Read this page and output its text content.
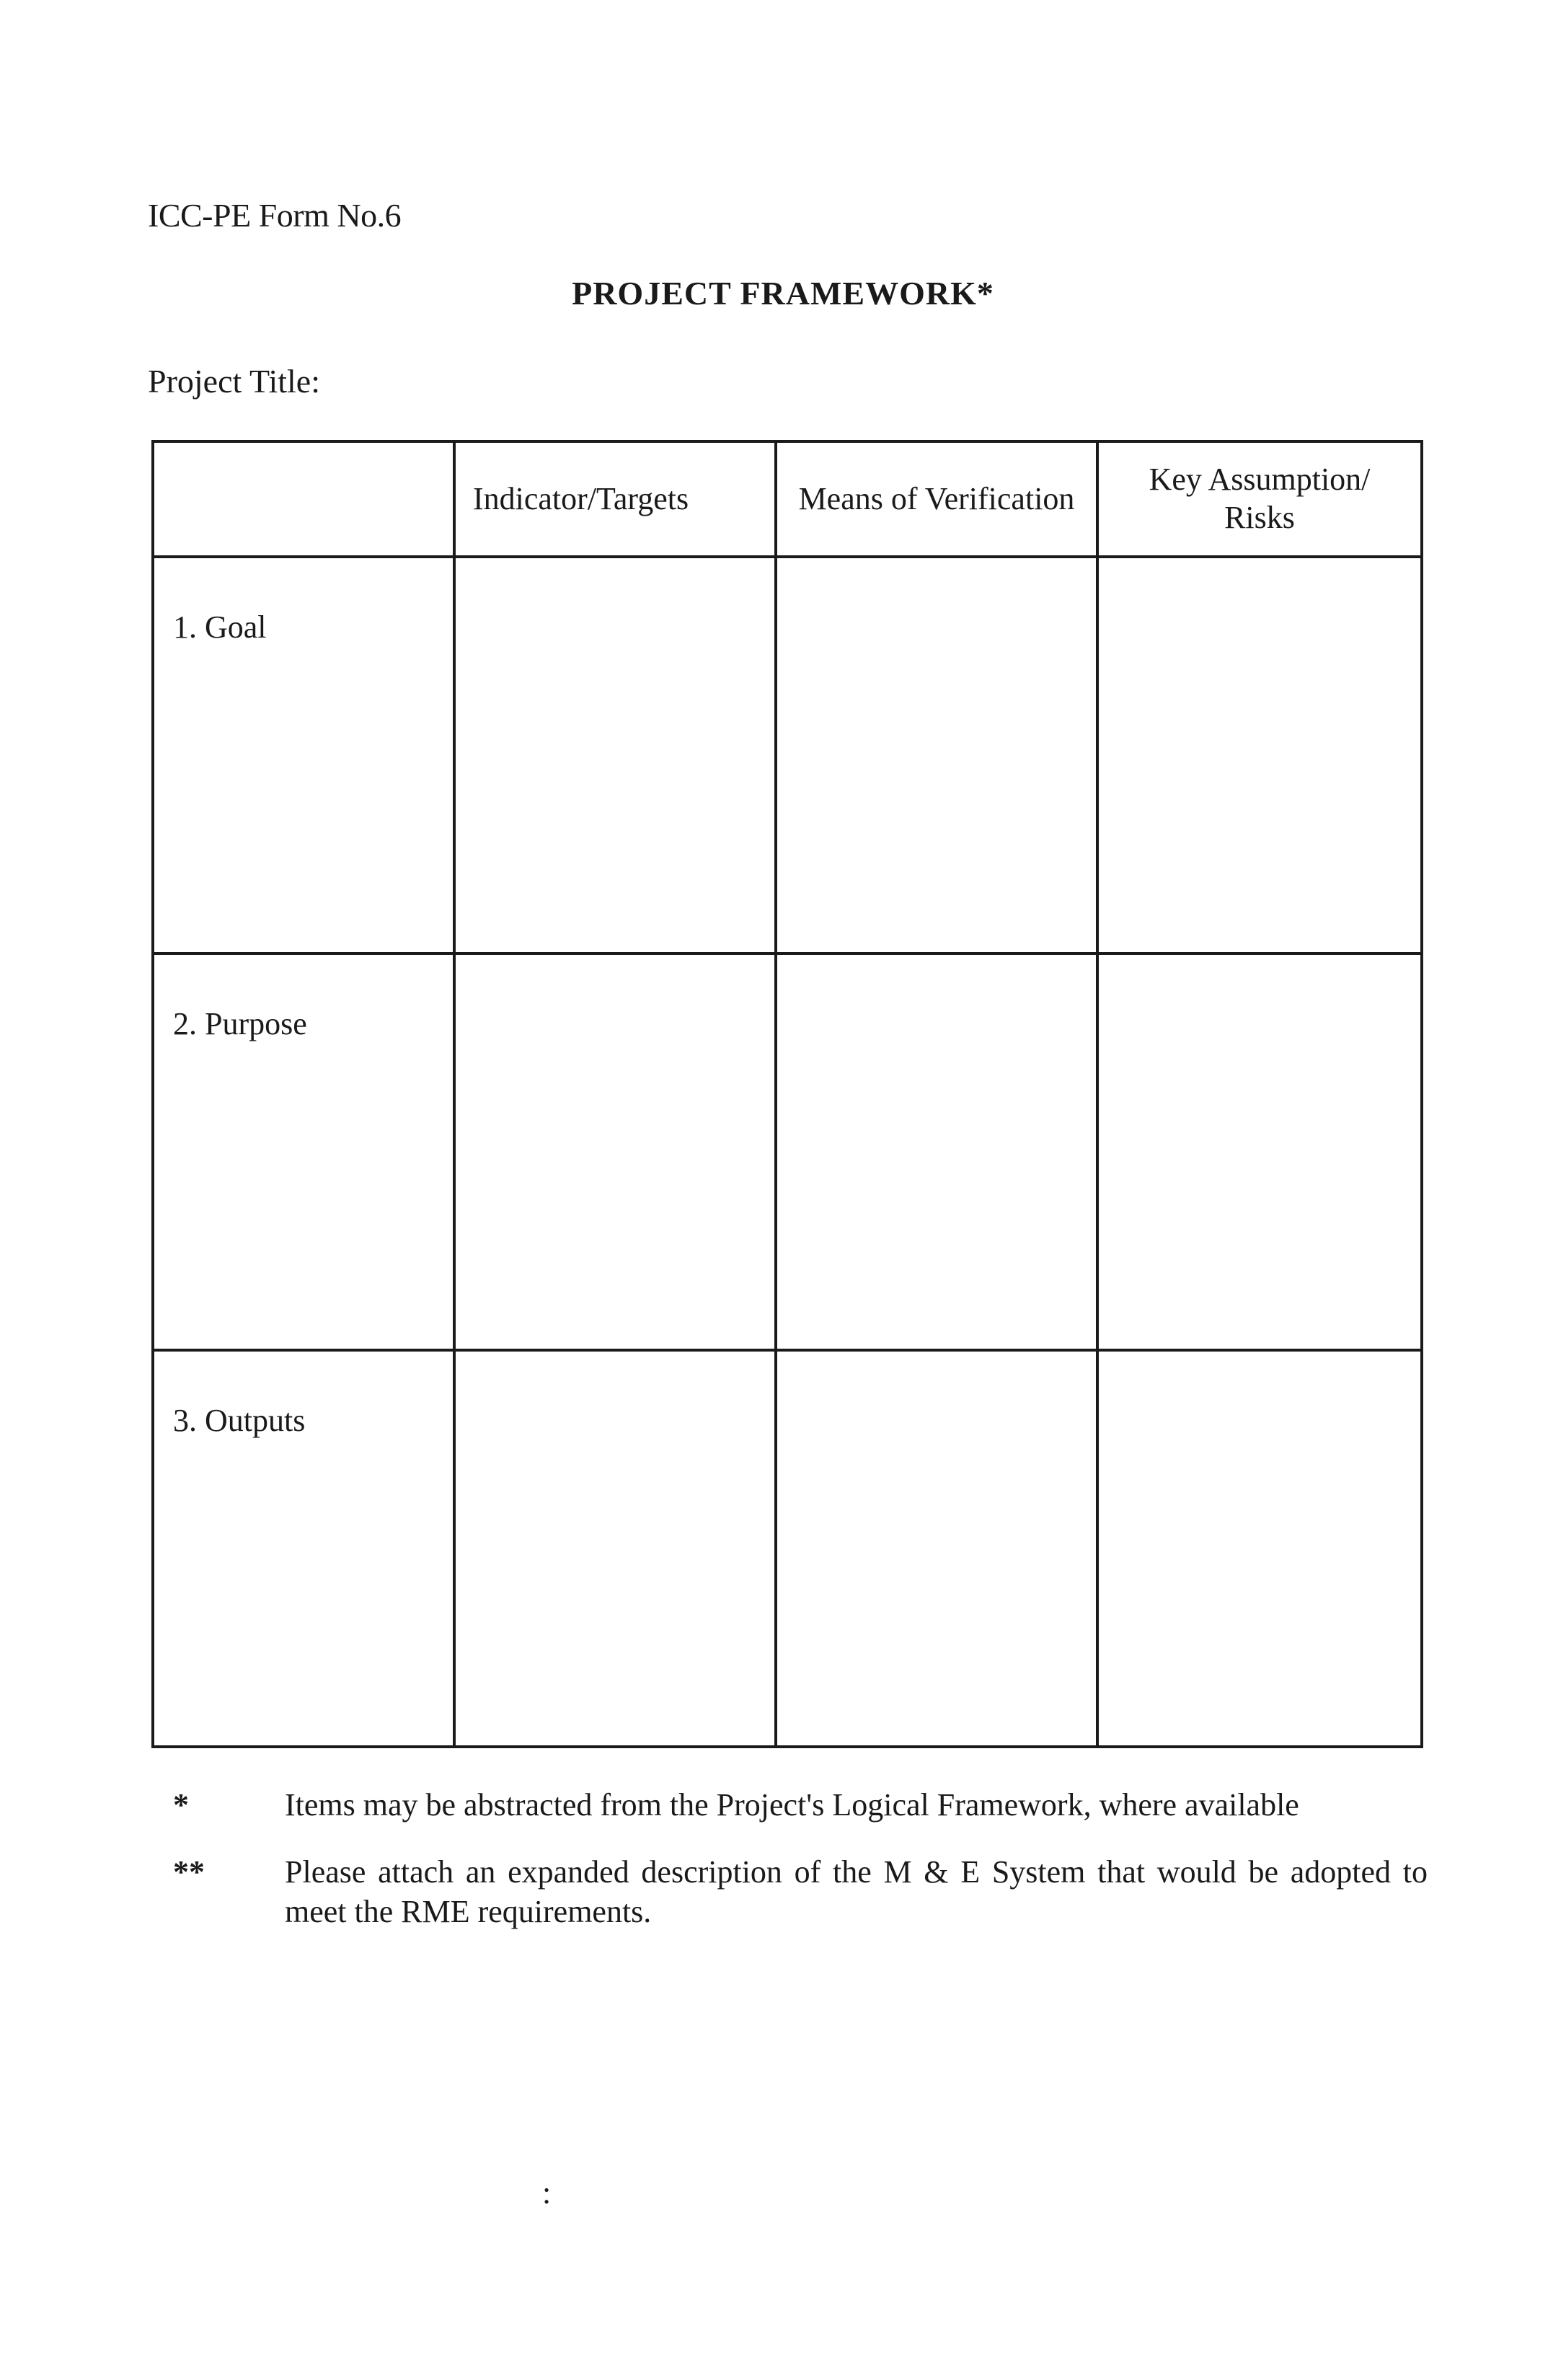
ICC-PE Form No.6
PROJECT FRAMEWORK*
Project Title:
	Indicator/Targets	Means of Verification	Key Assumption/ Risks
1. Goal			
2. Purpose			
3. Outputs			
*	Items may be abstracted from the Project's Logical Framework, where available
**	Please attach an expanded description of the M & E System that would be adopted to meet the RME requirements.
:
